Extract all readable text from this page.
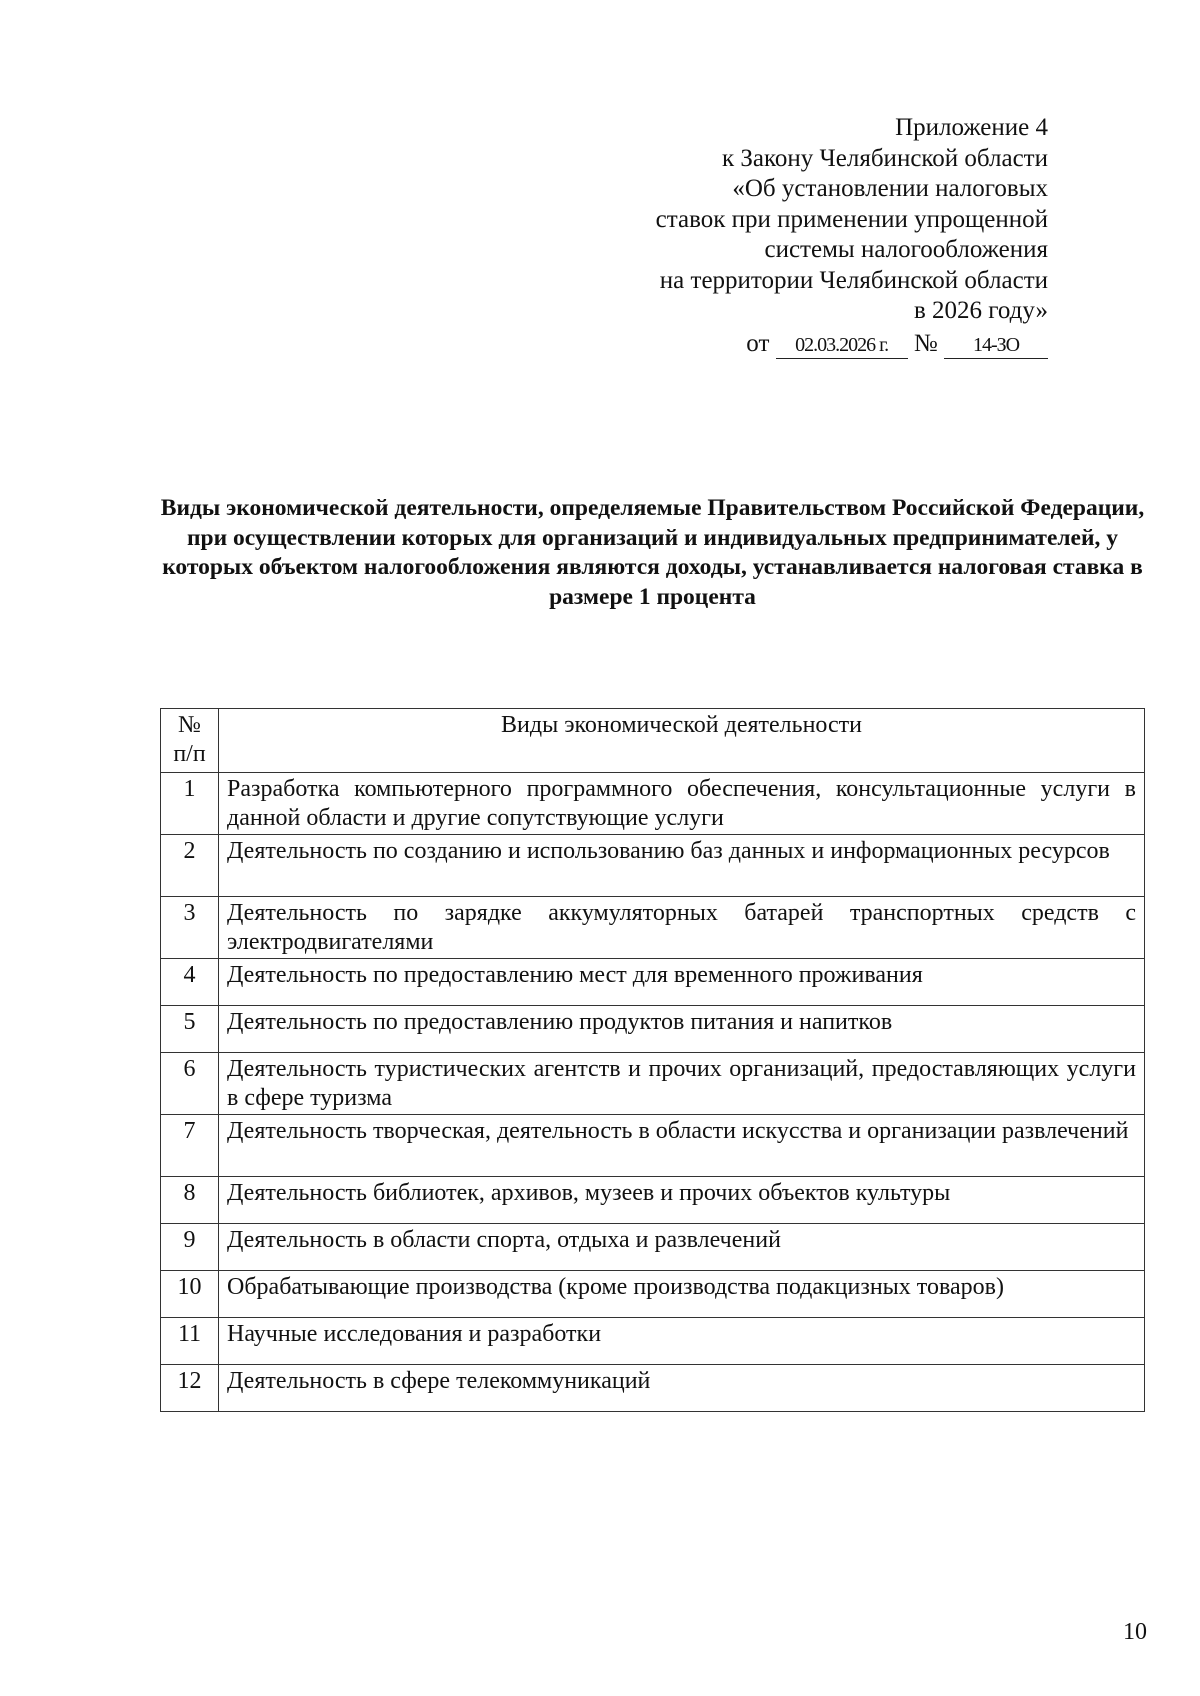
Приложение 4
к Закону Челябинской области
«Об установлении налоговых
ставок при применении упрощенной
системы налогообложения
на территории Челябинской области
в 2026 году»
от 02.03.2026 г. № 14-ЗО
Виды экономической деятельности, определяемые Правительством Российской Федерации, при осуществлении которых для организаций и индивидуальных предпринимателей, у которых объектом налогообложения являются доходы, устанавливается налоговая ставка в размере 1 процента
№ п/п	Виды экономической деятельности
1	Разработка компьютерного программного обеспечения, консультационные услуги в данной области и другие сопутствующие услуги
2	Деятельность по созданию и использованию баз данных и информационных ресурсов
3	Деятельность по зарядке аккумуляторных батарей транспортных средств с электродвигателями
4	Деятельность по предоставлению мест для временного проживания
5	Деятельность по предоставлению продуктов питания и напитков
6	Деятельность туристических агентств и прочих организаций, предоставляющих услуги в сфере туризма
7	Деятельность творческая, деятельность в области искусства и организации развлечений
8	Деятельность библиотек, архивов, музеев и прочих объектов культуры
9	Деятельность в области спорта, отдыха и развлечений
10	Обрабатывающие производства (кроме производства подакцизных товаров)
11	Научные исследования и разработки
12	Деятельность в сфере телекоммуникаций
10
